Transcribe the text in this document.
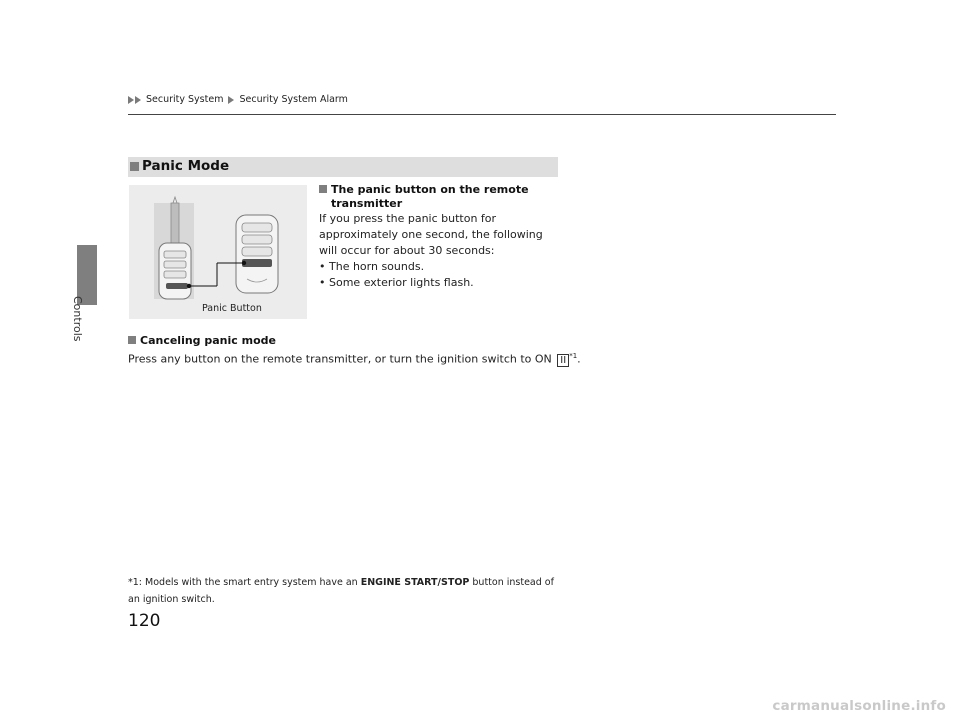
Controls
Security System Security System Alarm
Panic Mode
Panic Button
The panic button on the remote transmitter
If you press the panic button for approximately one second, the following will occur for about 30 seconds:
• The horn sounds.
• Some exterior lights flash.
Canceling panic mode
Press any button on the remote transmitter, or turn the ignition switch to ON II $^{*1}$.
*1: Models with the smart entry system have an ENGINE START/STOP button instead of an ignition switch.
120
carmanualsonline.info
